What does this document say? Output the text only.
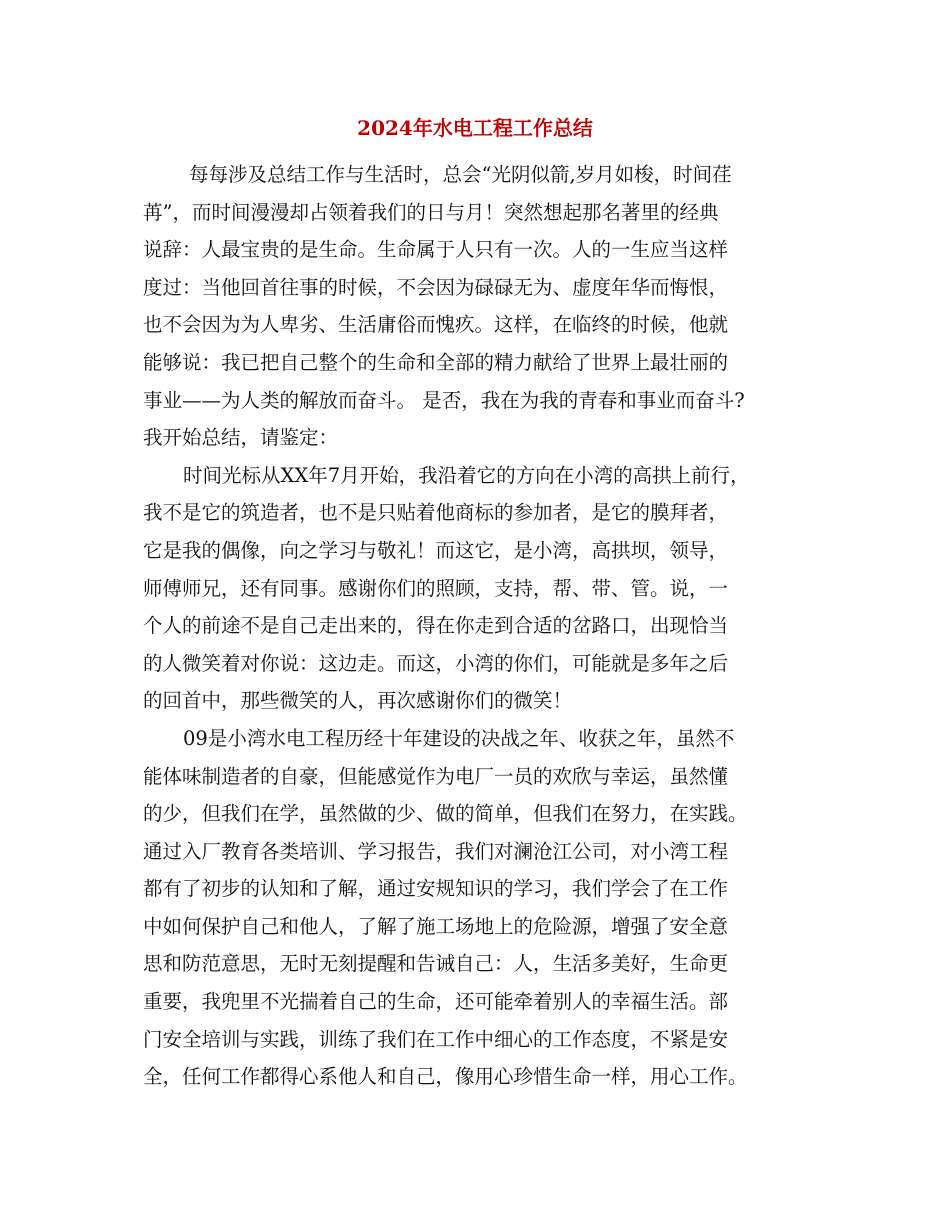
2024年水电工程工作总结
每每涉及总结工作与生活时，总会“光阴似箭,岁月如梭，时间荏
苒”，而时间漫漫却占领着我们的日与月！突然想起那名著里的经典
说辞：人最宝贵的是生命。生命属于人只有一次。人的一生应当这样
度过：当他回首往事的时候，不会因为碌碌无为、虚度年华而悔恨，
也不会因为为人卑劣、生活庸俗而愧疚。这样，在临终的时候，他就
能够说：我已把自己整个的生命和全部的精力献给了世界上最壮丽的
事业——为人类的解放而奋斗。 是否，我在为我的青春和事业而奋斗?
我开始总结，请鉴定：
时间光标从XX年7月开始，我沿着它的方向在小湾的高拱上前行，
我不是它的筑造者，也不是只贴着他商标的参加者，是它的膜拜者，
它是我的偶像，向之学习与敬礼！而这它，是小湾，高拱坝，领导，
师傅师兄，还有同事。感谢你们的照顾，支持，帮、带、管。说，一
个人的前途不是自己走出来的，得在你走到合适的岔路口，出现恰当
的人微笑着对你说：这边走。而这，小湾的你们，可能就是多年之后
的回首中，那些微笑的人，再次感谢你们的微笑！
09是小湾水电工程历经十年建设的决战之年、收获之年，虽然不
能体味制造者的自豪，但能感觉作为电厂一员的欢欣与幸运，虽然懂
的少，但我们在学，虽然做的少、做的简单，但我们在努力，在实践。
通过入厂教育各类培训、学习报告，我们对澜沧江公司，对小湾工程
都有了初步的认知和了解，通过安规知识的学习，我们学会了在工作
中如何保护自己和他人，了解了施工场地上的危险源，增强了安全意
思和防范意思，无时无刻提醒和告诫自己：人，生活多美好，生命更
重要，我兜里不光揣着自己的生命，还可能牵着别人的幸福生活。部
门安全培训与实践，训练了我们在工作中细心的工作态度，不紧是安
全，任何工作都得心系他人和自己，像用心珍惜生命一样，用心工作。
